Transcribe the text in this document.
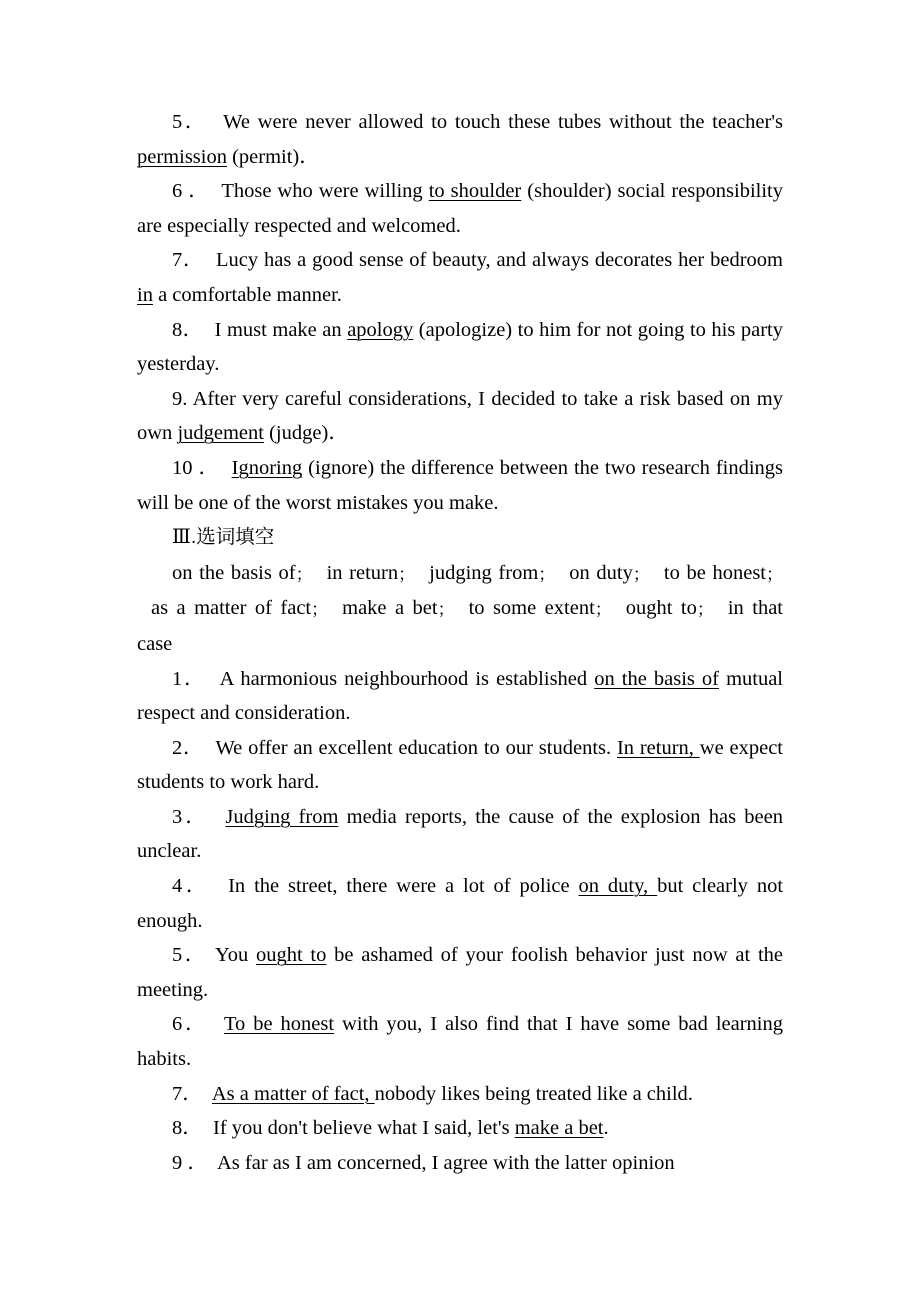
5．  We were never allowed to touch these tubes without the teacher's permission (permit)．

6 ．  Those who were willing to shoulder (shoulder) social responsibility are especially respected and welcomed.

7．  Lucy has a good sense of beauty, and always decorates her bedroom in a comfortable manner.

8．  I must make an apology (apologize) to him for not going to his party yesterday.

9. After very careful considerations, I decided to take a risk based on my own judgement (judge)．

10 ． Ignoring (ignore) the difference between the two research findings will be one of the worst mistakes you make.

Ⅲ.选词填空

on the basis of； in return； judging from； on duty； to be honest；as a matter of fact； make a bet； to some extent； ought to； in that case

1．  A harmonious neighbourhood is established on the basis of mutual respect and consideration.

2．  We offer an excellent education to our students. In return, we expect students to work hard.

3． Judging from media reports, the cause of the explosion has been unclear.

4．  In the street, there were a lot of police on duty, but clearly not enough.

5． You ought to be ashamed of your foolish behavior just now at the meeting.

6． To be honest with you, I also find that I have some bad learning habits.

7． As a matter of fact, nobody likes being treated like a child.

8．  If you don't believe what I said, let's make a bet.

9 ．  As far as I am concerned, I agree with the latter opinion
